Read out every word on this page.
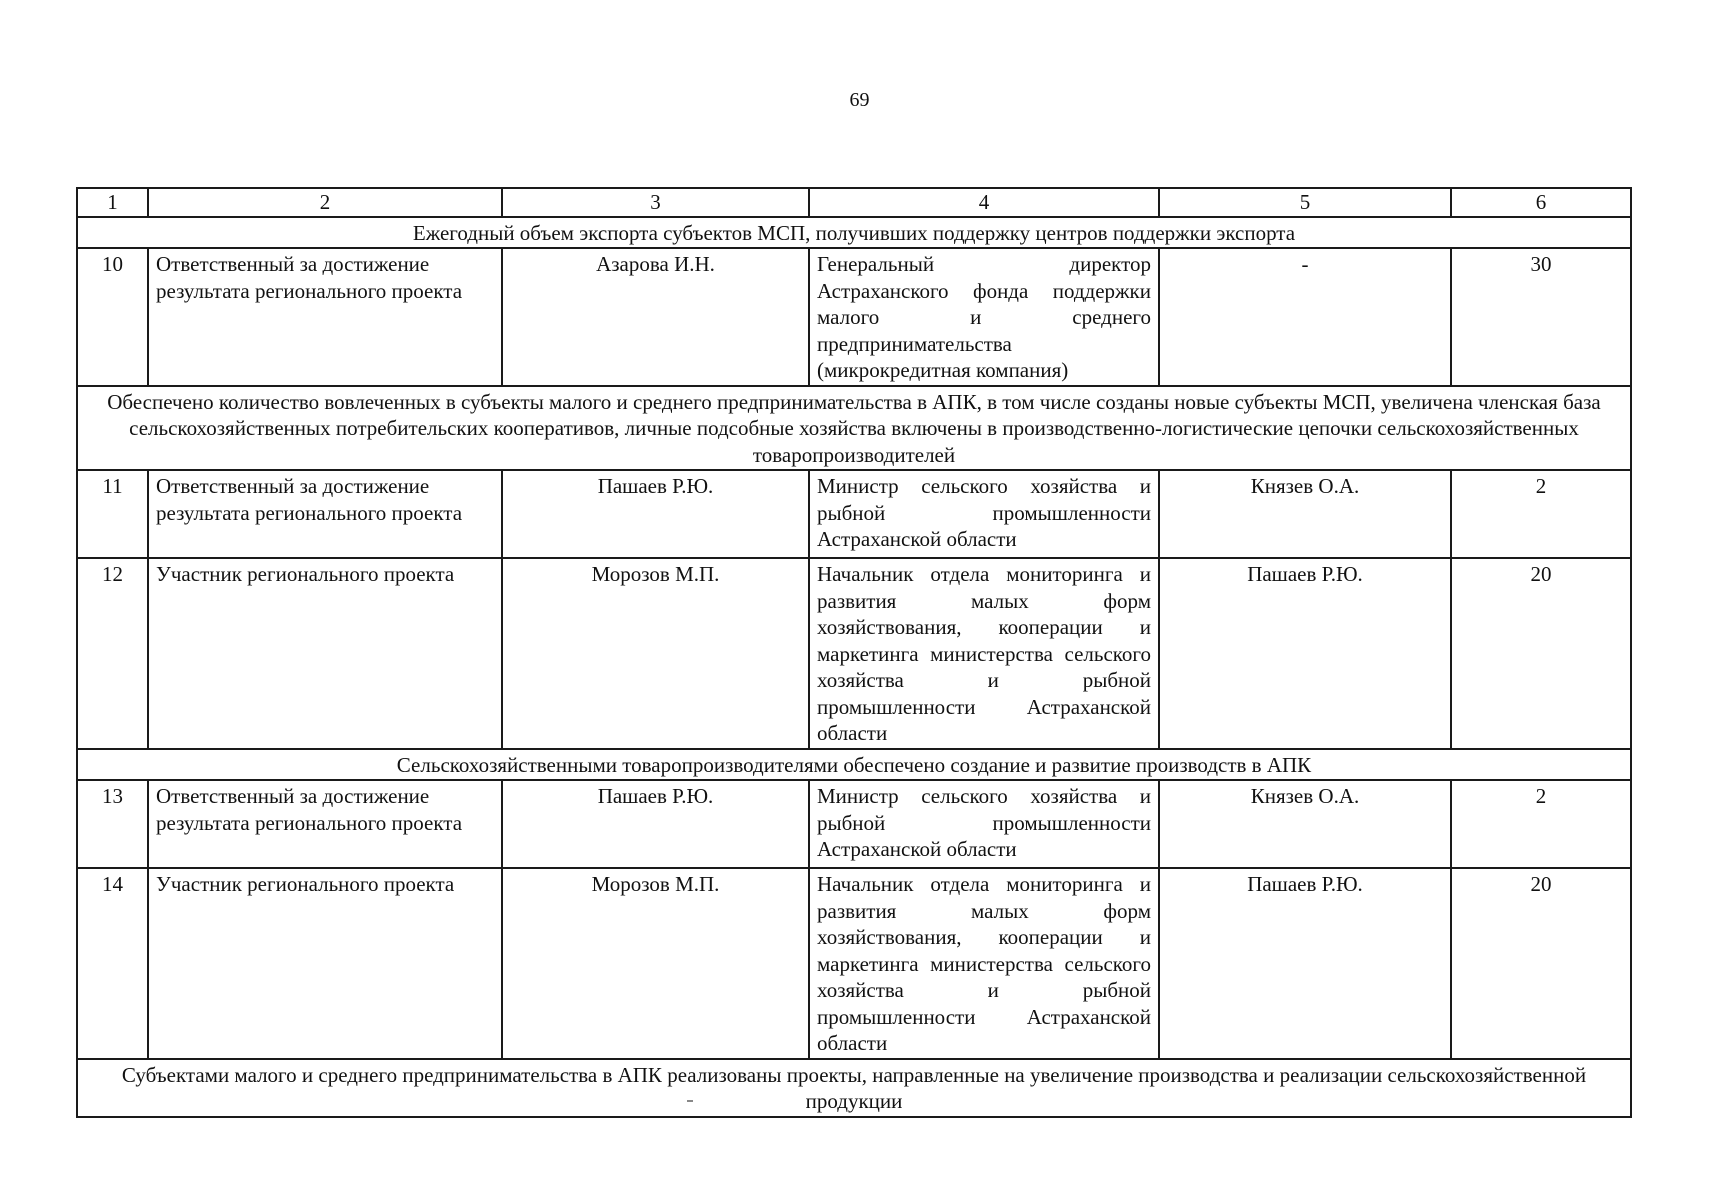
69
1	2	3	4	5	6
Ежегодный объем экспорта субъектов МСП, получивших поддержку центров поддержки экспорта					
10	Ответственный за достижение результата регионального проекта	Азарова И.Н.	Генеральный директор Астраханского фонда поддержки малого и среднего предпринимательства (микрокредитная компания)	-	30
Обеспечено количество вовлеченных в субъекты малого и среднего предпринимательства в АПК, в том числе созданы новые субъекты МСП, увеличена членская база сельскохозяйственных потребительских кооперативов, личные подсобные хозяйства включены в производственно-логистические цепочки сельскохозяйственных товаропроизводителей					
11	Ответственный за достижение результата регионального проекта	Пашаев Р.Ю.	Министр сельского хозяйства и рыбной промышленности Астраханской области	Князев О.А.	2
12	Участник регионального проекта	Морозов М.П.	Начальник отдела мониторинга и развития малых форм хозяйствования, кооперации и маркетинга министерства сельского хозяйства и рыбной промышленности Астраханской области	Пашаев Р.Ю.	20
Сельскохозяйственными товаропроизводителями обеспечено создание и развитие производств в АПК					
13	Ответственный за достижение результата регионального проекта	Пашаев Р.Ю.	Министр сельского хозяйства и рыбной промышленности Астраханской области	Князев О.А.	2
14	Участник регионального проекта	Морозов М.П.	Начальник отдела мониторинга и развития малых форм хозяйствования, кооперации и маркетинга министерства сельского хозяйства и рыбной промышленности Астраханской области	Пашаев Р.Ю.	20
Субъектами малого и среднего предпринимательства в АПК реализованы проекты, направленные на увеличение производства и реализации сельскохозяйственной продукции					
